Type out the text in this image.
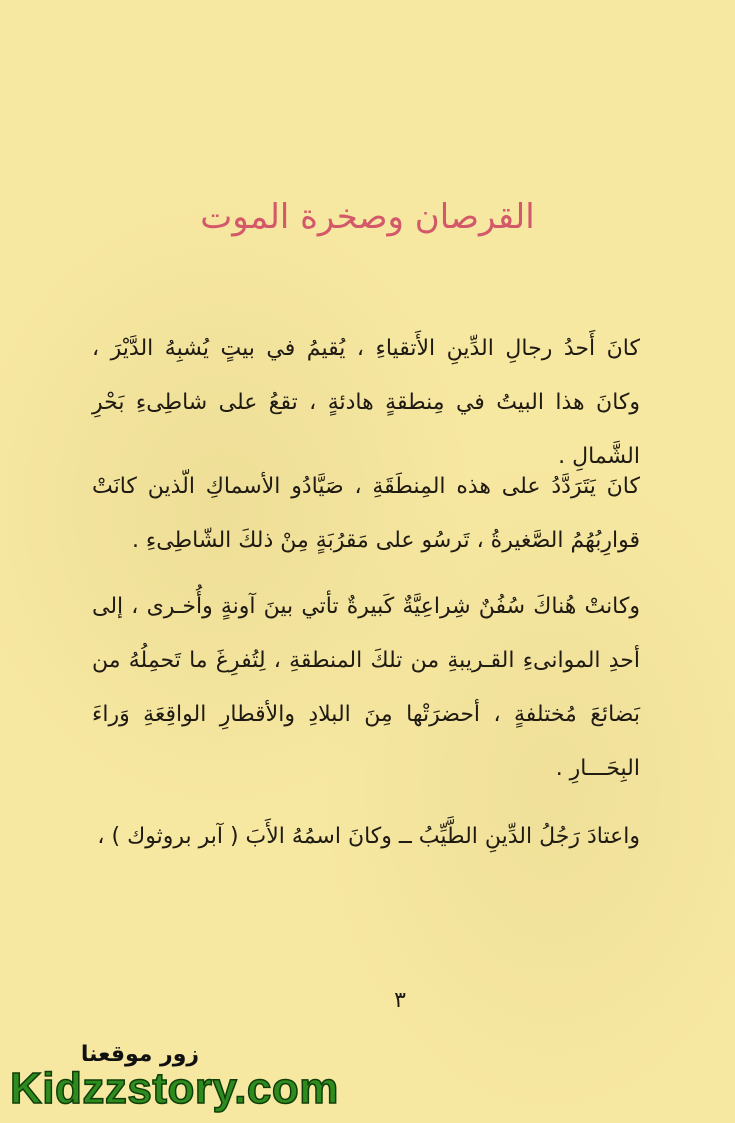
القرصان وصخرة الموت

كانَ أَحدُ رجالِ الدِّينِ الأَتقياءِ ، يُقيمُ في بيتٍ يُشبِهُ الدَّيْرَ ، وكانَ هذا البيتُ في مِنطقةٍ هادئةٍ ، تقعُ على شاطِىءِ بَحْرِ الشَّمالِ .

كانَ يَتَرَدَّدُ على هذه المِنطَقَةِ ، صَيَّادُو الأسماكِ الّذين كانَتْ قوارِبُهُمُ الصَّغيرةُ ، تَرسُو على مَقرُبَةٍ مِنْ ذلكَ الشّاطِىءِ .

وكانتْ هُناكَ سُفُنٌ شِراعِيَّةٌ كَبيرةٌ تأتي بينَ آونةٍ وأُخـرى ، إلى أحدِ الموانىءِ القـريبةِ من تلكَ المنطقةِ ، لِتُفرِغَ ما تَحمِلُهُ من بَضائعَ مُختلفةٍ ، أحضرَتْها مِنَ البلادِ والأقطارِ الواقِعَةِ وَراءَ البِحَـــارِ .

واعتادَ رَجُلُ الدِّينِ الطَّيِّبُ ــ وكانَ اسمُهُ الأَبَ ( آبر بروثوك ) ،

٣
زور موقعنا
Kidzzstory.com
